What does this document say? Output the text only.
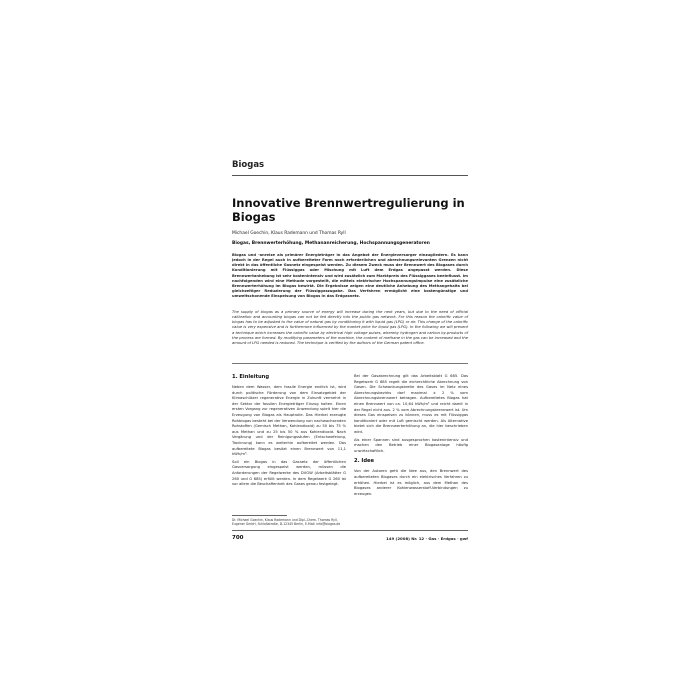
Biogas
Innovative Brennwertregulierung in Biogas
Michael Goechin, Klaus Rademann und Thomas Ryll
Biogas, Brennwerterhöhung, Methananreicherung, Hochspannungsgeneratoren
Biogas und -anreize als primärer Energieträger in das Angebot der Energieversorger einzugliedern. Es kann jedoch in der Regel auch in aufbereiteter Form noch erforderlichen und abrechnungsrelevanten Grenzen nicht direkt in das öffentliche Gasnetz eingespeist werden. Zu diesem Zweck muss der Brennwert des Biogases durch Konditionierung mit Flüssiggas oder Mischung mit Luft dem Erdgas angepasst werden. Diese Brennwertanhebung ist sehr kostenintensiv und wird zusätzlich zum Marktpreis des Flüssiggases beeinflusst. Im nachfolgenden wird eine Methode vorgestellt, die mittels elektrischer Hochspannungsimpulse eine zusätzliche Brennwerterhöhung im Biogas bewirkt. Die Ergebnisse zeigen eine deutliche Anhebung des Methangehalts bei gleichzeitiger Reduzierung der Flüssiggaszugabe. Das Verfahren ermöglicht eine kostengünstige und umweltschonende Einspeisung von Biogas in das Erdgasnetz.
The supply of biogas as a primary source of energy will increase during the next years, but due to the need of official calibration and accounting biogas can not be fed directly into the public gas network. For this reason the calorific value of biogas has to be adjusted to the value of natural gas by conditioning it with liquid gas (LPG) or air. This change of the calorific value is very expensive and is furthermore influenced by the market price for liquid gas (LPG). In the following we will present a technique which increases the calorific value by electrical high voltage pulses, whereby hydrogen and carbon by-products of the process are formed. By modifying parameters of the machine, the content of methane in the gas can be increased and the amount of LPG needed is reduced. The technique is verified by the authors of the German patent office.
1. Einleitung

Neben dem Wasser, dem fossile Energie endlich ist, wird durch politische Förderung von dem Einsatzgebiet der Klimaschützer regenerative Energie in Zukunft vermehrt in der Sektor der fossilen Energieträger Einzug halten. Einen ersten Vorgang zur regenerativen Anwendung spielt hier die Erzeugung von Biogas als Hauptrolle. Das Hierbei erzeugte Rohbiogas besteht bei der Verwendung von nachwachsenden Rohstoffen (Gemisch Methan, Kohlendioxid) zu 50 bis 75 % aus Methan und zu 25 bis 50 % aus Kohlendioxid. Nach Vergärung und der Reinigungsstufen (Entschwefelung, Trocknung) kann es weiterhin aufbereitet werden. Das aufbereitete Biogas besitzt einen Brennwert von 11,1 kWh/m³.

Soll ein Biogas in das Gasnetz der öffentlichen Gasversorgung eingespeist werden, müssen die Anforderungen der Regelwerke des DVGW (Arbeitsblätter G 260 und G 685) erfüllt werden. In dem Regelwerk G 260 ist vor allem die Beschaffenheit des Gases genau festgelegt.

Bei der Gasabrechnung gilt das Arbeitsblatt G 685. Das Regelwerk G 685 regelt die eichrechtliche Abrechnung von Gasen. Die Schwankungsbreite des Gases im Netz eines Abrechnungsbezirks darf maximal ± 2 % vom Abrechnungsbrennwert betragen. Aufbereitetes Biogas hat einen Brennwert von ca. 10,64 kWh/m³ und reicht damit in der Regel nicht aus. 2 % vom Abrechnungsbrennwert ist. Um dieses Gas einspeisen zu können, muss es mit Flüssiggas konditioniert oder mit Luft gemischt werden. Als Alternative bietet sich die Brennwerterhöhung an, die hier beschrieben wird.

Als einer Spannen sind ausgesprochen kostenintensiv und machen den Betrieb einer Biogasanlage häufig unwirtschaftlich.

2. Idee

Von der Autoren geht die Idee aus, den Brennwert des aufbereiteten Biogases durch ein elektrisches Verfahren zu erhöhen. Hierbei ist es möglich, aus dem Methan des Biogases anderer Kohlenwasserstoff-Verbindungen zu erzeugen.

Dr. Michael Goechin, Klaus Rademann und Dipl.-Chem. Thomas Ryll, Eugener GmbH, Schloßstraße, D-12345 Berlin, E-Mail: info@biogas.de
700	149 (2008) Nr. 12 · Gas · Erdgas · gwf
